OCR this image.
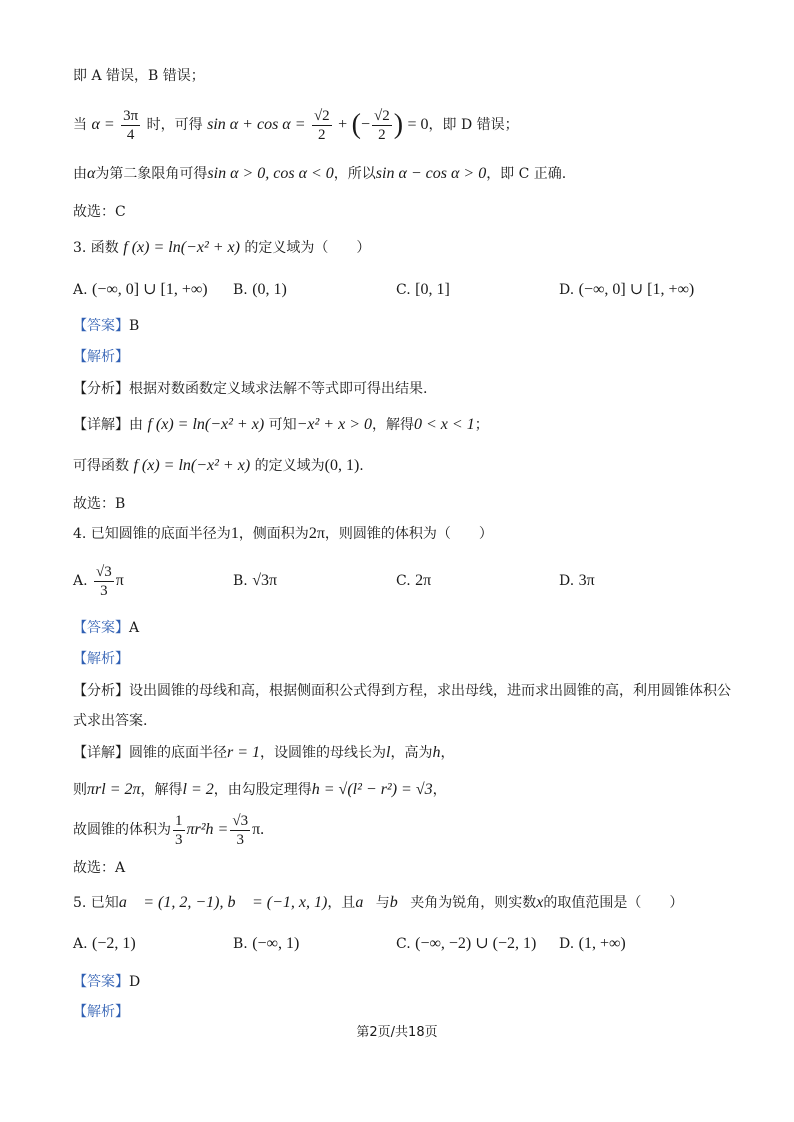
即 A 错误，B 错误；
当 $\alpha = \frac{3\pi}{4}$ 时，可得 $\sin \alpha + \cos \alpha = \frac{√2}{2}$ + (− $\frac{√2}{2}$ ) = 0，即 D 错误；
由α为第二象限角可得sin α > 0, cos α < 0，所以sin α − cos α > 0，即 C 正确.
故选：C
3. 函数 f (x) = ln(−x² + x) 的定义域为（　　）
A. (−∞, 0] ∪ [1, +∞) B. (0, 1)	C. [0, 1]	D. (−∞, 0] ∪ [1, +∞)
【答案】B
【解析】
【分析】根据对数函数定义域求法解不等式即可得出结果.
【详解】由 f (x) = ln(−x² + x) 可知−x² + x > 0，解得0 < x < 1；
可得函数 f (x) = ln(−x² + x) 的定义域为(0, 1).
故选：B
4. 已知圆锥的底面半径为1，侧面积为2π，则圆锥的体积为（　　）
A. $\frac{√3}{3}$ π	B. √3π	C. 2π	D. 3π
【答案】A
【解析】
【分析】设出圆锥的母线和高，根据侧面积公式得到方程，求出母线，进而求出圆锥的高，利用圆锥体积公
式求出答案.
【详解】圆锥的底面半径r = 1，设圆锥的母线长为l，高为h，
则πrl = 2π，解得l = 2，由勾股定理得h = √(l² − r²) = √3，
故圆锥的体积为 $\frac{1}{3} \pi r^2h = \frac{√3}{3} \pi$.
故选：A
5. 已知a⃗ = (1, 2, −1), b⃗ = (−1, x, 1)，且a⃗与b⃗夹角为锐角，则实数x的取值范围是（　　）
A. (−2, 1)	B. (−∞, 1)	C. (−∞, −2) ∪ (−2, 1) D. (1, +∞)
【答案】D
【解析】
第2页/共18页
